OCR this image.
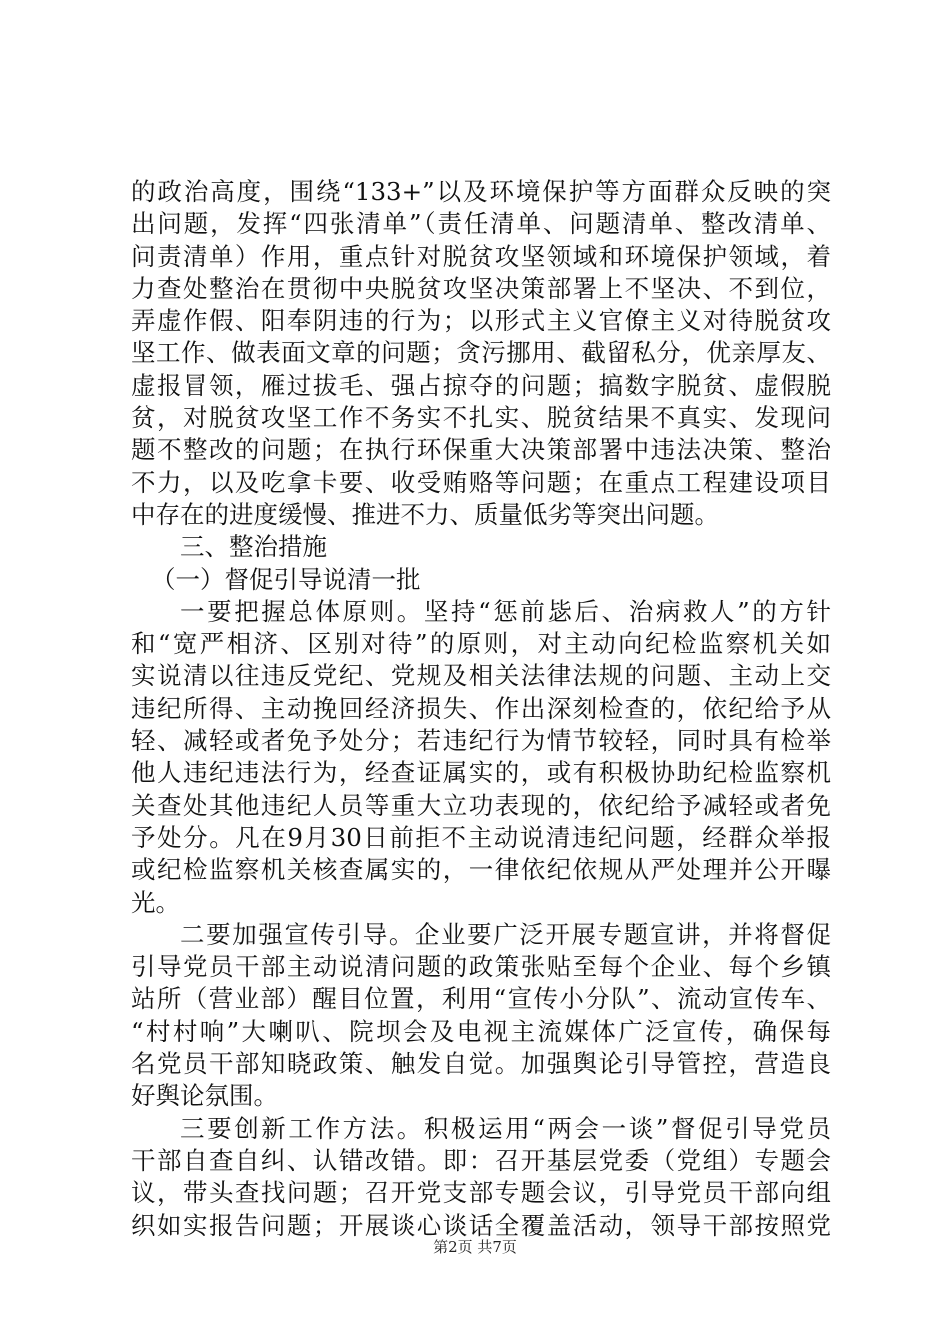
的政治高度，围绕“133+”以及环境保护等方面群众反映的突
出问题，发挥“四张清单”（责任清单、问题清单、整改清单、
问责清单）作用，重点针对脱贫攻坚领域和环境保护领域，着
力查处整治在贯彻中央脱贫攻坚决策部署上不坚决、不到位，
弄虚作假、阳奉阴违的行为；以形式主义官僚主义对待脱贫攻
坚工作、做表面文章的问题；贪污挪用、截留私分，优亲厚友、
虚报冒领，雁过拔毛、强占掠夺的问题；搞数字脱贫、虚假脱
贫，对脱贫攻坚工作不务实不扎实、脱贫结果不真实、发现问
题不整改的问题；在执行环保重大决策部署中违法决策、整治
不力，以及吃拿卡要、收受贿赂等问题；在重点工程建设项目
中存在的进度缓慢、推进不力、质量低劣等突出问题。
三、整治措施
（一）督促引导说清一批
一要把握总体原则。坚持“惩前毖后、治病救人”的方针
和“宽严相济、区别对待”的原则，对主动向纪检监察机关如
实说清以往违反党纪、党规及相关法律法规的问题、主动上交
违纪所得、主动挽回经济损失、作出深刻检查的，依纪给予从
轻、减轻或者免予处分；若违纪行为情节较轻，同时具有检举
他人违纪违法行为，经查证属实的，或有积极协助纪检监察机
关查处其他违纪人员等重大立功表现的，依纪给予减轻或者免
予处分。凡在9月30日前拒不主动说清违纪问题，经群众举报
或纪检监察机关核查属实的，一律依纪依规从严处理并公开曝
光。
二要加强宣传引导。企业要广泛开展专题宣讲，并将督促
引导党员干部主动说清问题的政策张贴至每个企业、每个乡镇
站所（营业部）醒目位置，利用“宣传小分队”、流动宣传车、
“村村响”大喇叭、院坝会及电视主流媒体广泛宣传，确保每
名党员干部知晓政策、触发自觉。加强舆论引导管控，营造良
好舆论氛围。
三要创新工作方法。积极运用“两会一谈”督促引导党员
干部自查自纠、认错改错。即：召开基层党委（党组）专题会
议，带头查找问题；召开党支部专题会议，引导党员干部向组
织如实报告问题；开展谈心谈话全覆盖活动，领导干部按照党
第2页 共7页
